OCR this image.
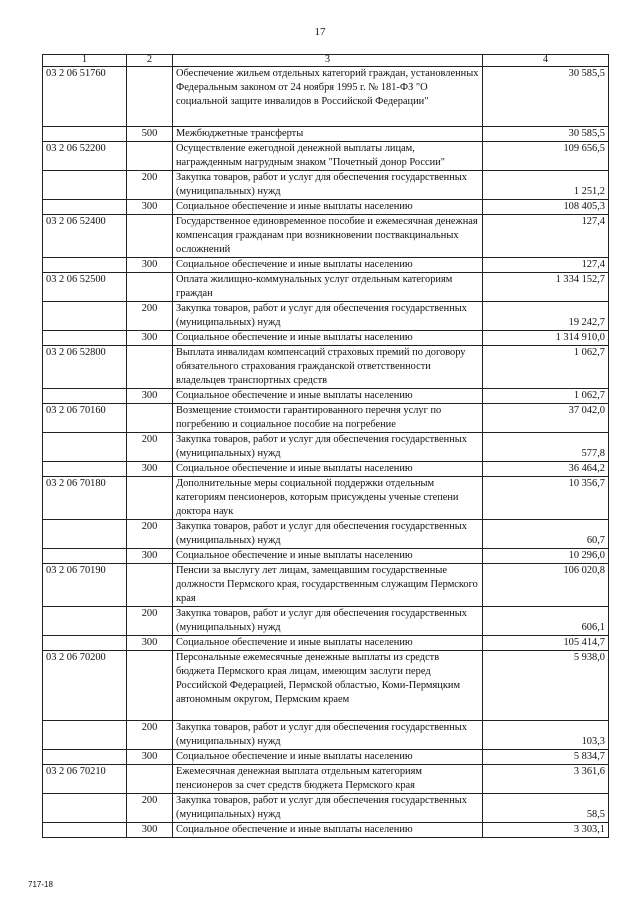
17
1	2	3	4
03 2 06 51760		Обеспечение жильем отдельных категорий граждан, установленных Федеральным законом от 24 ноября 1995 г. № 181-ФЗ "О социальной защите инвалидов в Российской Федерации"	30 585,5
	500	Межбюджетные трансферты	30 585,5
03 2 06 52200		Осуществление ежегодной денежной выплаты лицам, награжденным нагрудным знаком "Почетный донор России"	109 656,5
	200	Закупка товаров, работ и услуг для обеспечения государственных (муниципальных) нужд	1 251,2
	300	Социальное обеспечение и иные выплаты населению	108 405,3
03 2 06 52400		Государственное единовременное пособие и ежемесячная денежная компенсация гражданам при возникновении поствакцинальных осложнений	127,4
	300	Социальное обеспечение и иные выплаты населению	127,4
03 2 06 52500		Оплата жилищно-коммунальных услуг отдельным категориям граждан	1 334 152,7
	200	Закупка товаров, работ и услуг для обеспечения государственных (муниципальных) нужд	19 242,7
	300	Социальное обеспечение и иные выплаты населению	1 314 910,0
03 2 06 52800		Выплата инвалидам компенсаций страховых премий по договору обязательного страхования гражданской ответственности владельцев транспортных средств	1 062,7
	300	Социальное обеспечение и иные выплаты населению	1 062,7
03 2 06 70160		Возмещение стоимости гарантированного перечня услуг по погребению и социальное пособие на погребение	37 042,0
	200	Закупка товаров, работ и услуг для обеспечения государственных (муниципальных) нужд	577,8
	300	Социальное обеспечение и иные выплаты населению	36 464,2
03 2 06 70180		Дополнительные меры социальной поддержки отдельным категориям пенсионеров, которым присуждены ученые степени доктора наук	10 356,7
	200	Закупка товаров, работ и услуг для обеспечения государственных (муниципальных) нужд	60,7
	300	Социальное обеспечение и иные выплаты населению	10 296,0
03 2 06 70190		Пенсии за выслугу лет лицам, замещавшим государственные должности Пермского края, государственным служащим Пермского края	106 020,8
	200	Закупка товаров, работ и услуг для обеспечения государственных (муниципальных) нужд	606,1
	300	Социальное обеспечение и иные выплаты населению	105 414,7
03 2 06 70200		Персональные ежемесячные денежные выплаты из средств бюджета Пермского края лицам, имеющим заслуги перед Российской Федерацией, Пермской областью, Коми-Пермяцким автономным округом, Пермским краем	5 938,0
	200	Закупка товаров, работ и услуг для обеспечения государственных (муниципальных) нужд	103,3
	300	Социальное обеспечение и иные выплаты населению	5 834,7
03 2 06 70210		Ежемесячная денежная выплата отдельным категориям пенсионеров за счет средств бюджета Пермского края	3 361,6
	200	Закупка товаров, работ и услуг для обеспечения государственных (муниципальных) нужд	58,5
	300	Социальное обеспечение и иные выплаты населению	3 303,1
717-18
